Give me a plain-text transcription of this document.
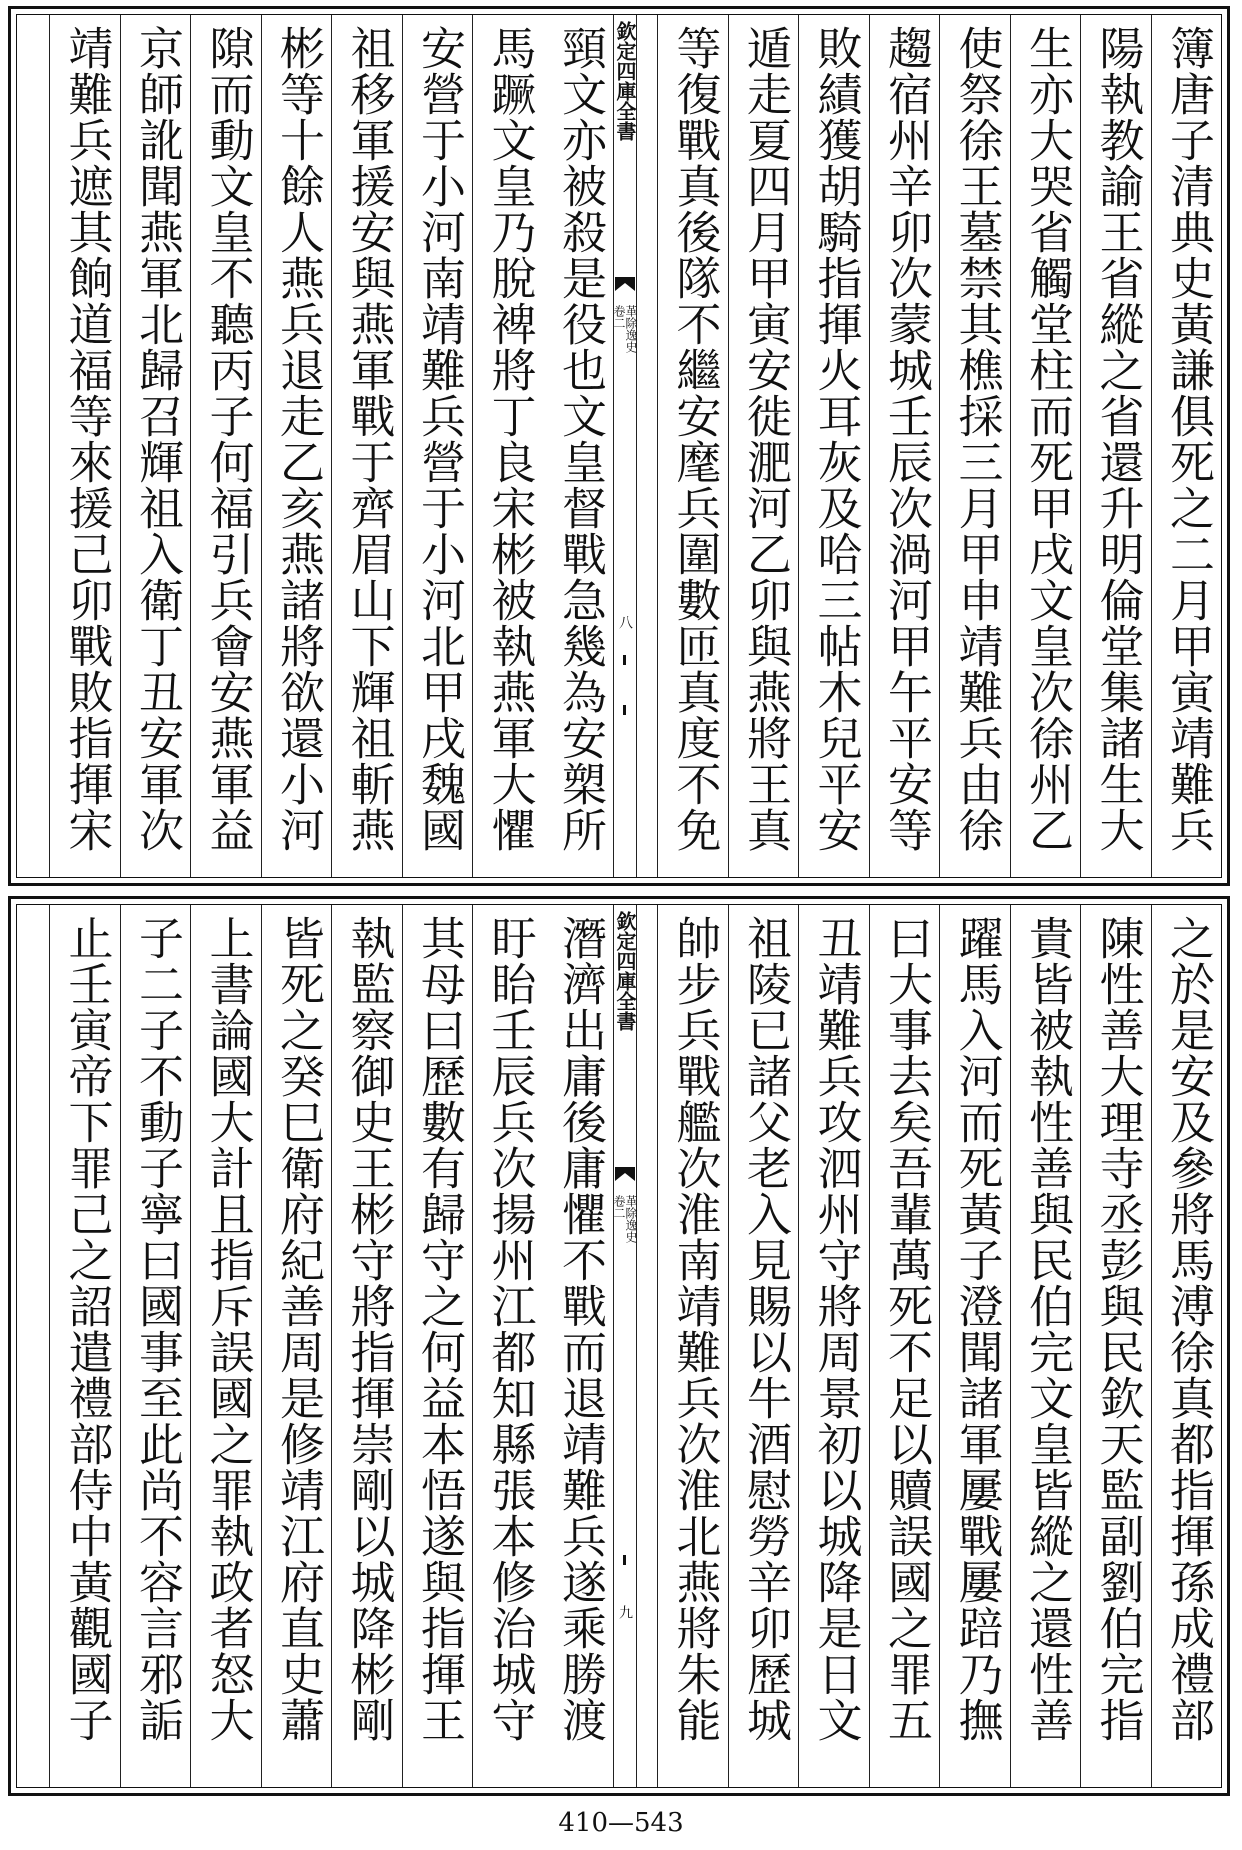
簿唐子清典史黃謙俱死之二月甲寅靖難兵
陽執教諭王省縱之省還升明倫堂集諸生大
生亦大哭省觸堂柱而死甲戌文皇次徐州乙
使祭徐王墓禁其樵採三月甲申靖難兵由徐
趨宿州辛卯次蒙城壬辰次渦河甲午平安等
敗績獲胡騎指揮火耳灰及哈三帖木兒平安
遁走夏四月甲寅安徙淝河乙卯與燕將王真
等復戰真後隊不繼安麾兵圍數匝真度不免
欽定四庫全書
革除逸史
卷二
八
頸文亦被殺是役也文皇督戰急幾為安槊所
馬蹶文皇乃脫裨將丁良宋彬被執燕軍大懼
安營于小河南靖難兵營于小河北甲戌魏國
祖移軍援安與燕軍戰于齊眉山下輝祖斬燕
彬等十餘人燕兵退走乙亥燕諸將欲還小河
隙而動文皇不聽丙子何福引兵會安燕軍益
京師訛聞燕軍北歸召輝祖入衛丁丑安軍次
靖難兵遮其餉道福等來援己卯戰敗指揮宋
之於是安及參將馬溥徐真都指揮孫成禮部
陳性善大理寺丞彭與民欽天監副劉伯完指
貴皆被執性善與民伯完文皇皆縱之還性善
躍馬入河而死黃子澄聞諸軍屢戰屢踣乃撫
曰大事去矣吾輩萬死不足以贖誤國之罪五
丑靖難兵攻泗州守將周景初以城降是日文
祖陵已諸父老入見賜以牛酒慰勞辛卯歷城
帥步兵戰艦次淮南靖難兵次淮北燕將朱能
欽定四庫全書
革除逸史
卷二
九
潛濟出庸後庸懼不戰而退靖難兵遂乘勝渡
盱眙壬辰兵次揚州江都知縣張本修治城守
其母曰歷數有歸守之何益本悟遂與指揮王
執監察御史王彬守將指揮崇剛以城降彬剛
皆死之癸巳衛府紀善周是修靖江府直史蕭
上書論國大計且指斥誤國之罪執政者怒大
子二子不動子寧曰國事至此尚不容言邪詬
止壬寅帝下罪己之詔遣禮部侍中黃觀國子
410—543
